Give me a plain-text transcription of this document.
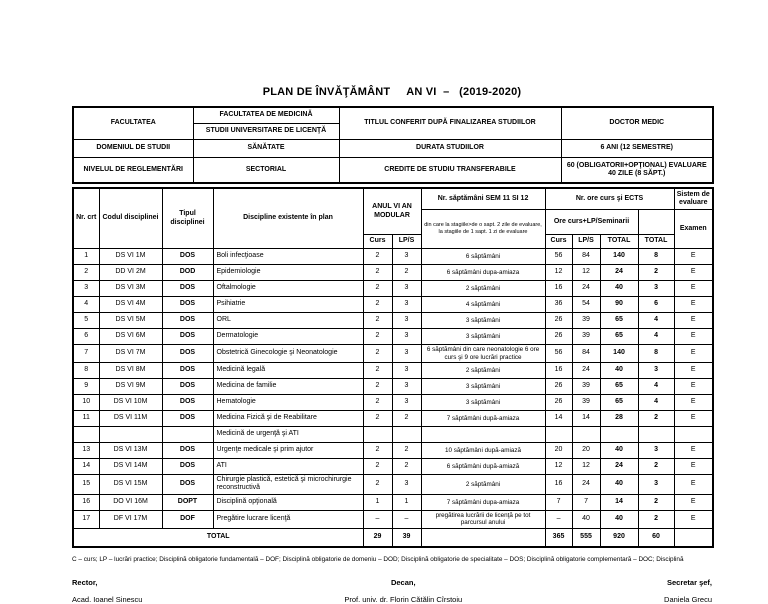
PLAN DE ÎNVĂŢĂMÂNT     AN VI  –   (2019-2020)
FACULTATEA	FACULTATEA DE MEDICINĂ
STUDII UNIVERSITARE DE LICENŢĂ	TITLUL CONFERIT DUPĂ FINALIZAREA STUDIILOR	DOCTOR MEDIC
DOMENIUL DE STUDII	SĂNĂTATE	DURATA STUDIILOR	6 ANI (12 SEMESTRE)
NIVELUL DE REGLEMENTĂRI	SECTORIAL	CREDITE DE STUDIU TRANSFERABILE	60 (OBLIGATORII+OPŢIONAL) EVALUARE 40 ZILE (8 SĂPT.)
Nr. crt	Codul disciplinei	Tipul disciplinei	Discipline existente în plan	ANUL VI AN MODULAR		Nr. săptămâni SEM 11 SI 12	Nr. ore curs şi ECTS				Sistem de evaluare
						din care la stagiile>de o sapt. 2 zile de evaluare, la stagiile de 1 sapt. 1 zi de evaluare	Ore curs+LP/Seminarii				Examen
				Curs	LP/S		Curs	LP/S	TOTAL	TOTAL	
1	DS VI 1M	DOS	Boli infecţioase	2	3	6 săptămâni	56	84	140	8	E
2	DD VI 2M	DOD	Epidemiologie	2	2	6 săptămâni dupa-amiaza	12	12	24	2	E
3	DS VI 3M	DOS	Oftalmologie	2	3	2 săptămâni	16	24	40	3	E
4	DS VI 4M	DOS	Psihiatrie	2	3	4 săptămâni	36	54	90	6	E
5	DS VI 5M	DOS	ORL	2	3	3 săptămâni	26	39	65	4	E
6	DS VI 6M	DOS	Dermatologie	2	3	3 săptămâni	26	39	65	4	E
7	DS VI 7M	DOS	Obstetrică Ginecologie şi Neonatologie	2	3	6 săptămâni din care neonatologie 6 ore curs şi 9 ore lucrări practice	56	84	140	8	E
8	DS VI 8M	DOS	Medicină legală	2	3	2 săptămâni	16	24	40	3	E
9	DS VI 9M	DOS	Medicina de familie	2	3	3 săptămâni	26	39	65	4	E
10	DS VI 10M	DOS	Hematologie	2	3	3 săptămâni	26	39	65	4	E
11	DS VI 11M	DOS	Medicina Fizică şi de Reabilitare	2	2	7 săptămâni după-amiaza	14	14	28	2	E
			Medicină de urgenţă şi ATI								
13	DS VI 13M	DOS	Urgenţe medicale şi prim ajutor	2	2	10 săptămâni după-amiază	20	20	40	3	E
14	DS VI 14M	DOS	ATI	2	2	6 săptămâni după-amiază	12	12	24	2	E
15	DS VI 15M	DOS	Chirurgie plastică, estetică şi microchirurgie reconstructivă	2	3	2 săptămâni	16	24	40	3	E
16	DO VI 16M	DOPT	Disciplină opţională	1	1	7 săptămâni dupa-amiaza	7	7	14	2	E
17	DF VI 17M	DOF	Pregătire lucrare licenţă	–	–	pregătirea lucrării de licenţă pe tot parcursul anului	–	40	40	2	E
TOTAL				29	39		365	555	920	60	
C – curs; LP – lucrări practice; Disciplină obligatorie fundamentală – DOF; Disciplină obligatorie de domeniu – DOD; Disciplină obligatorie de specialitate – DOS; Disciplină obligatorie complementară – DOC; Disciplină
Rector,
Acad. Ioanel Sinescu
Decan,
Prof. univ. dr. Florin Cătălin Cîrstoiu
Secretar şef,
Daniela Grecu
